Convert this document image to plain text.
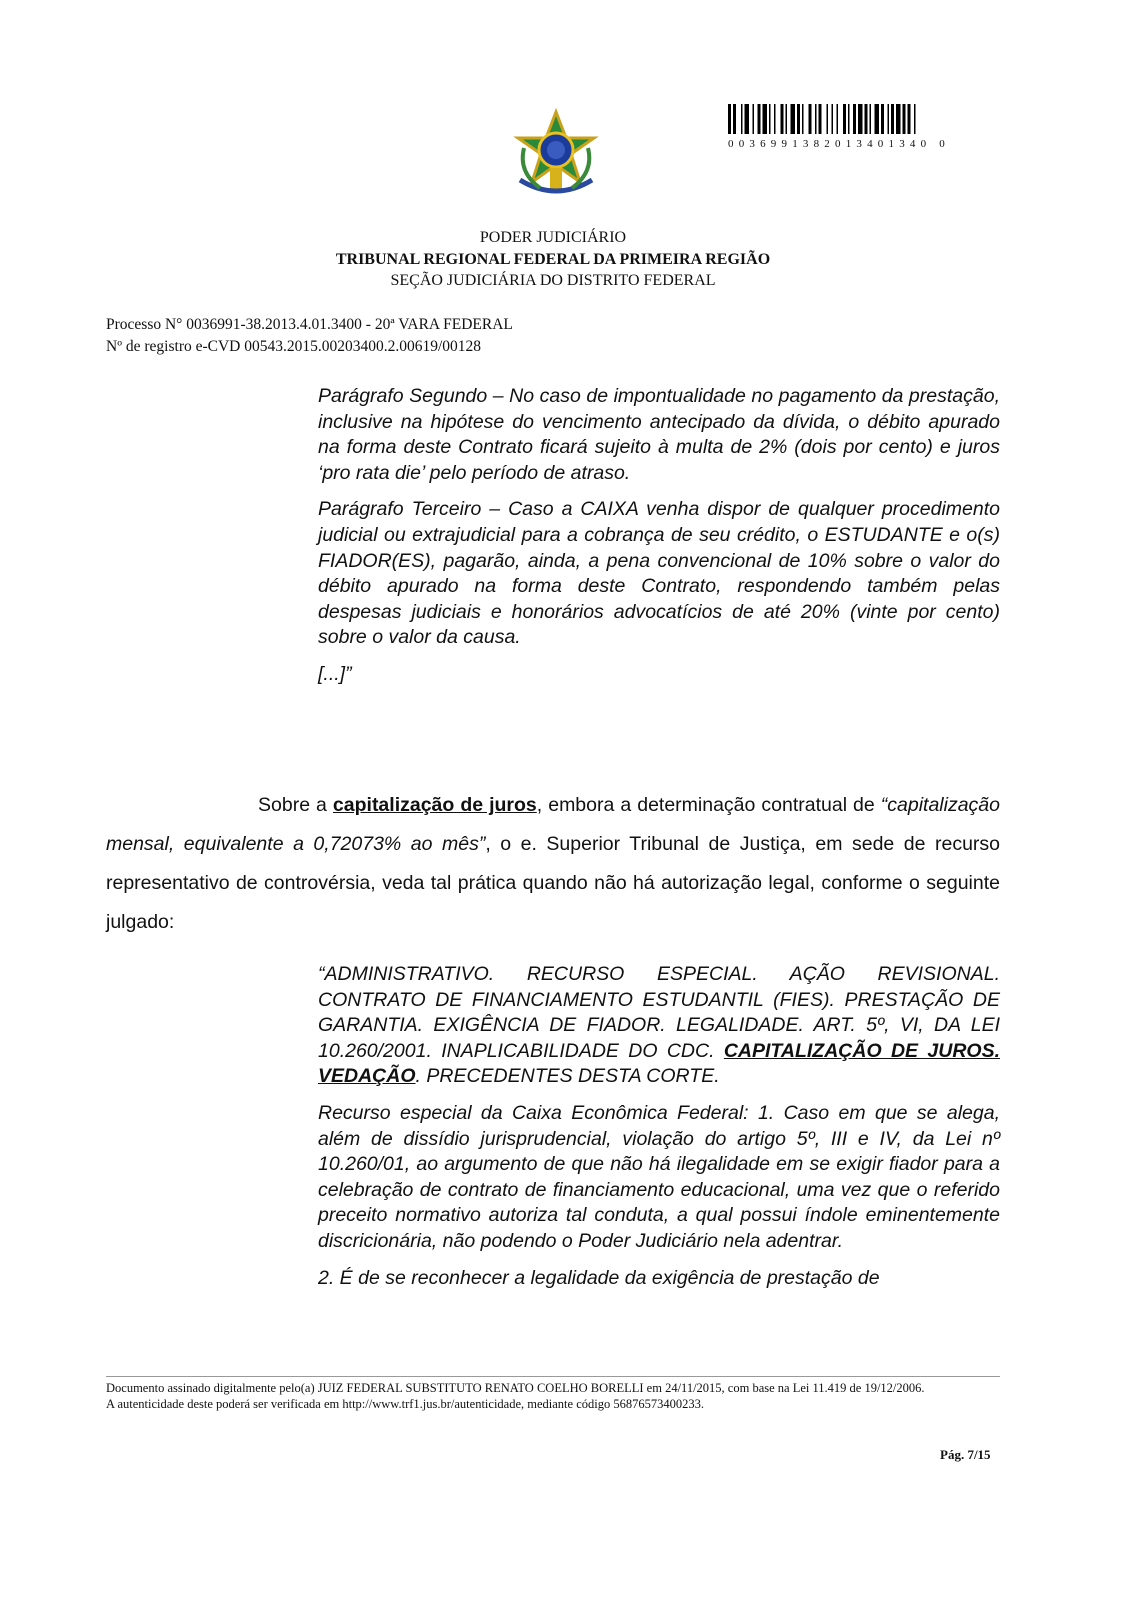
0036991382013401340 0
PODER JUDICIÁRIO
TRIBUNAL REGIONAL FEDERAL DA PRIMEIRA REGIÃO
SEÇÃO JUDICIÁRIA DO DISTRITO FEDERAL
Processo N° 0036991-38.2013.4.01.3400 - 20ª VARA FEDERAL
Nº de registro e-CVD 00543.2015.00203400.2.00619/00128

Parágrafo Segundo – No caso de impontualidade no pagamento da prestação, inclusive na hipótese do vencimento antecipado da dívida, o débito apurado na forma deste Contrato ficará sujeito à multa de 2% (dois por cento) e juros ‘pro rata die’ pelo período de atraso.

Parágrafo Terceiro – Caso a CAIXA venha dispor de qualquer procedimento judicial ou extrajudicial para a cobrança de seu crédito, o ESTUDANTE e o(s) FIADOR(ES), pagarão, ainda, a pena convencional de 10% sobre o valor do débito apurado na forma deste Contrato, respondendo também pelas despesas judiciais e honorários advocatícios de até 20% (vinte por cento) sobre o valor da causa.

[...]”

Sobre a capitalização de juros, embora a determinação contratual de “capitalização mensal, equivalente a 0,72073% ao mês”, o e. Superior Tribunal de Justiça, em sede de recurso representativo de controvérsia, veda tal prática quando não há autorização legal, conforme o seguinte julgado:

“ADMINISTRATIVO. RECURSO ESPECIAL. AÇÃO REVISIONAL. CONTRATO DE FINANCIAMENTO ESTUDANTIL (FIES). PRESTAÇÃO DE GARANTIA. EXIGÊNCIA DE FIADOR. LEGALIDADE. ART. 5º, VI, DA LEI 10.260/2001. INAPLICABILIDADE DO CDC. CAPITALIZAÇÃO DE JUROS. VEDAÇÃO. PRECEDENTES DESTA CORTE.

Recurso especial da Caixa Econômica Federal: 1. Caso em que se alega, além de dissídio jurisprudencial, violação do artigo 5º, III e IV, da Lei nº 10.260/01, ao argumento de que não há ilegalidade em se exigir fiador para a celebração de contrato de financiamento educacional, uma vez que o referido preceito normativo autoriza tal conduta, a qual possui índole eminentemente discricionária, não podendo o Poder Judiciário nela adentrar.

2. É de se reconhecer a legalidade da exigência de prestação de

Documento assinado digitalmente pelo(a) JUIZ FEDERAL SUBSTITUTO RENATO COELHO BORELLI em 24/11/2015, com base na Lei 11.419 de 19/12/2006.
A autenticidade deste poderá ser verificada em http://www.trf1.jus.br/autenticidade, mediante código 56876573400233.
Pág. 7/15
